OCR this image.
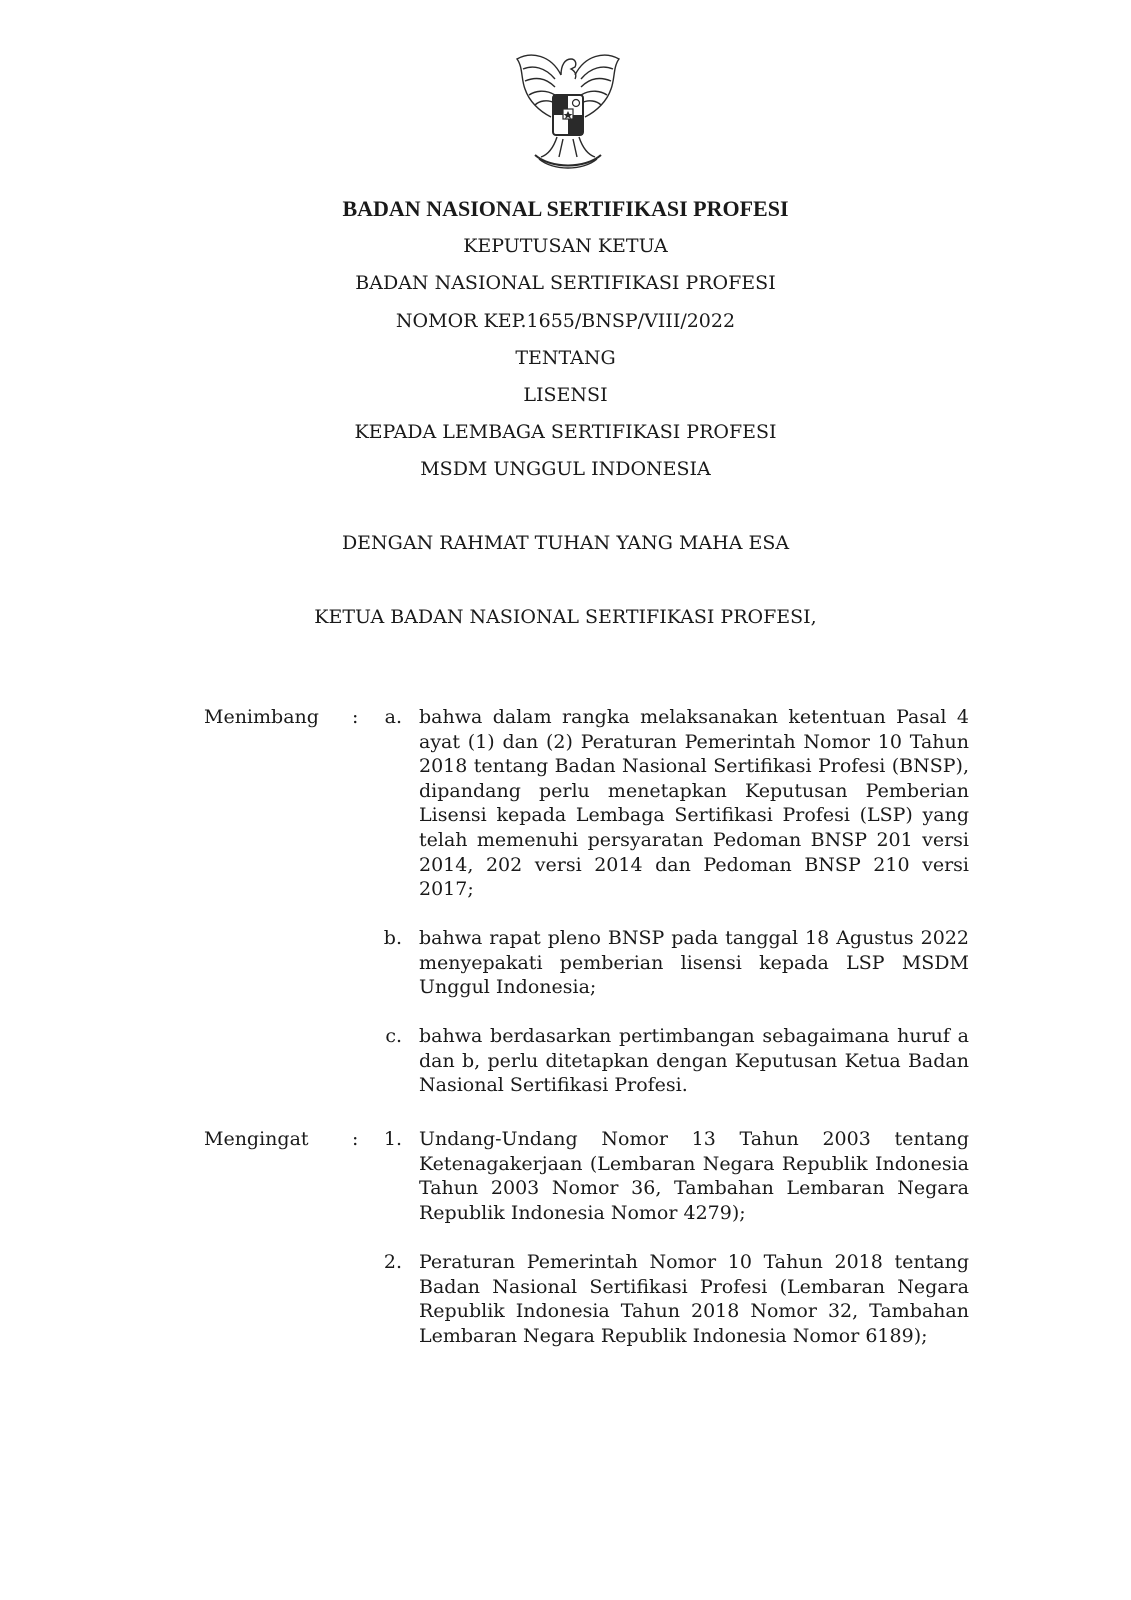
BADAN NASIONAL SERTIFIKASI PROFESI
KEPUTUSAN KETUA
BADAN NASIONAL SERTIFIKASI PROFESI
NOMOR KEP.1655/BNSP/VIII/2022
TENTANG
LISENSI
KEPADA LEMBAGA SERTIFIKASI PROFESI
MSDM UNGGUL INDONESIA
DENGAN RAHMAT TUHAN YANG MAHA ESA
KETUA BADAN NASIONAL SERTIFIKASI PROFESI,
Menimbang :	a. bahwa dalam rangka melaksanakan ketentuan Pasal 4 ayat (1) dan (2) Peraturan Pemerintah Nomor 10 Tahun 2018 tentang Badan Nasional Sertifikasi Profesi (BNSP), dipandang perlu menetapkan Keputusan Pemberian Lisensi kepada Lembaga Sertifikasi Profesi (LSP) yang telah memenuhi persyaratan Pedoman BNSP 201 versi 2014, 202 versi 2014 dan Pedoman BNSP 210 versi 2017;
b. bahwa rapat pleno BNSP pada tanggal 18 Agustus 2022 menyepakati pemberian lisensi kepada LSP MSDM Unggul Indonesia;
c. bahwa berdasarkan pertimbangan sebagaimana huruf a dan b, perlu ditetapkan dengan Keputusan Ketua Badan Nasional Sertifikasi Profesi.
Mengingat :	1. Undang-Undang Nomor 13 Tahun 2003 tentang Ketenagakerjaan (Lembaran Negara Republik Indonesia Tahun 2003 Nomor 36, Tambahan Lembaran Negara Republik Indonesia Nomor 4279);
2. Peraturan Pemerintah Nomor 10 Tahun 2018 tentang Badan Nasional Sertifikasi Profesi (Lembaran Negara Republik Indonesia Tahun 2018 Nomor 32, Tambahan Lembaran Negara Republik Indonesia Nomor 6189);
